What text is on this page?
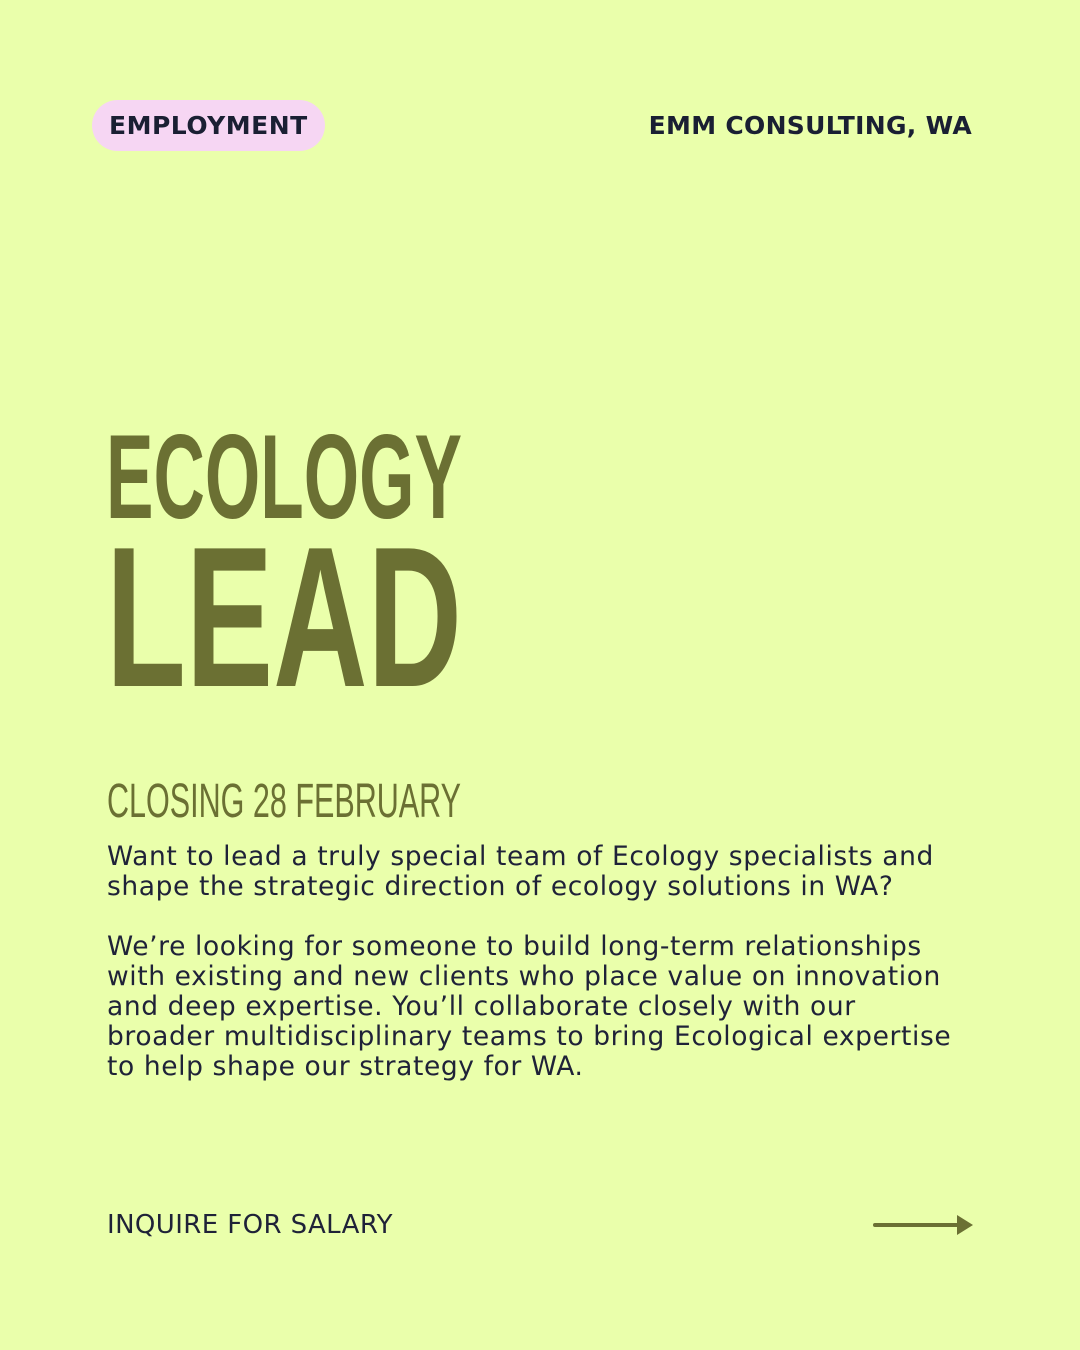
EMPLOYMENT	EMM CONSULTING, WA
ECOLOGY
LEAD
CLOSING 28 FEBRUARY

Want to lead a truly special team of Ecology specialists and
shape the strategic direction of ecology solutions in WA?

We’re looking for someone to build long-term relationships
with existing and new clients who place value on innovation
and deep expertise. You’ll collaborate closely with our
broader multidisciplinary teams to bring Ecological expertise
to help shape our strategy for WA.

INQUIRE FOR SALARY
